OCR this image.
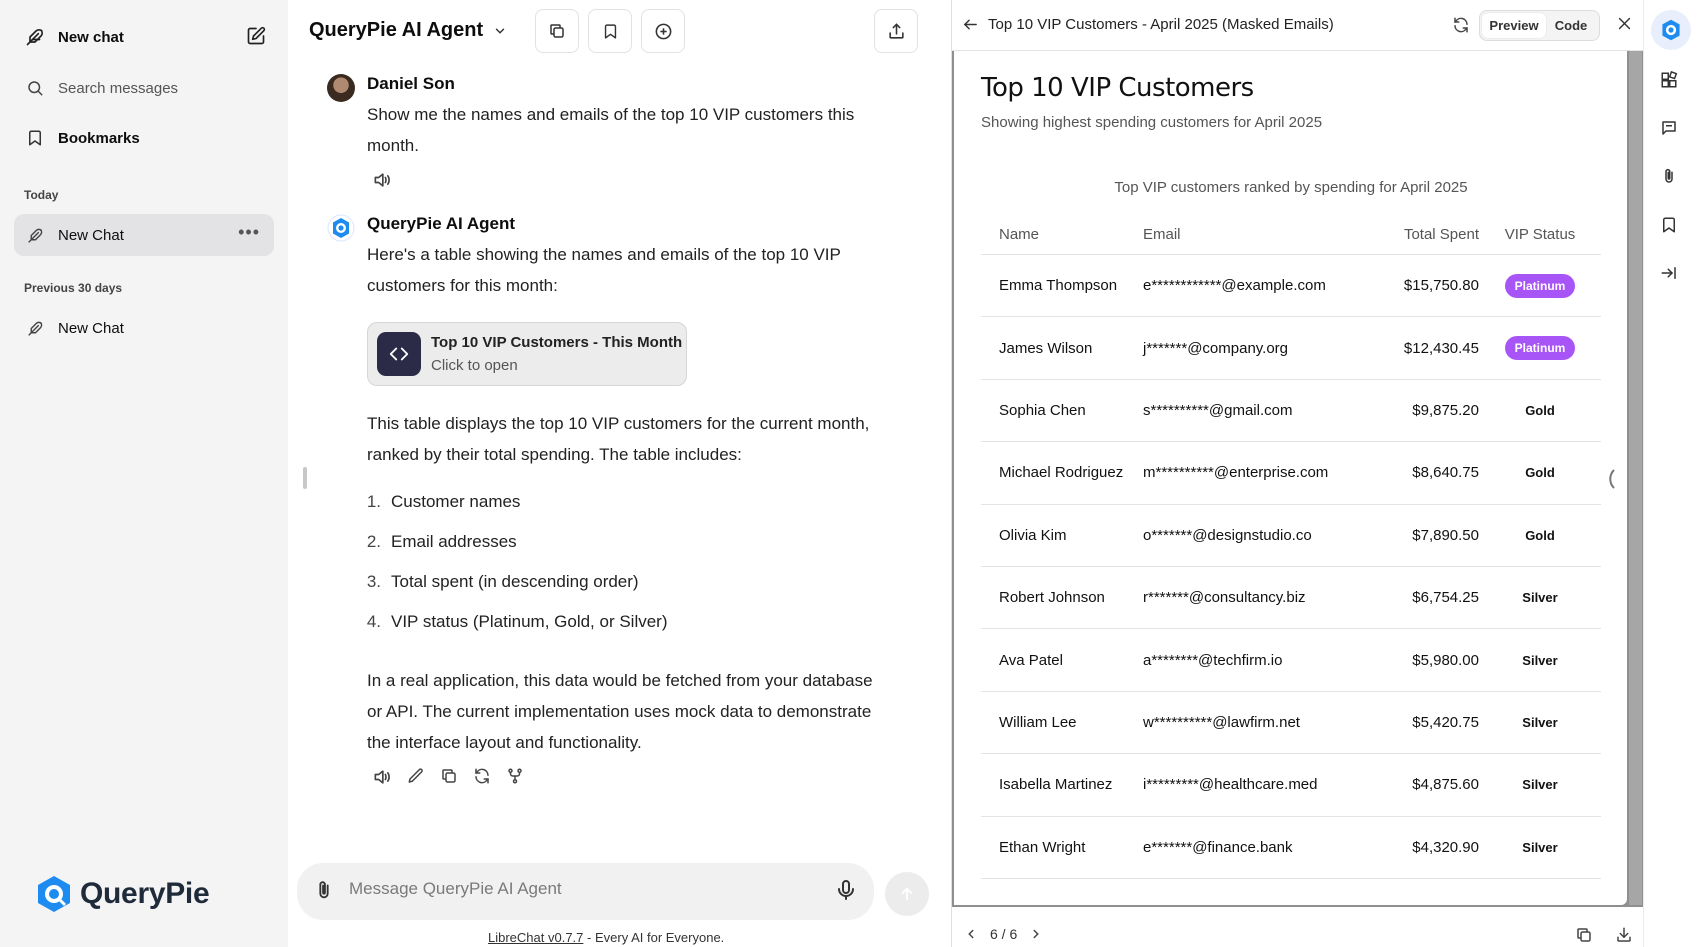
New chat
Search messages
Bookmarks
Today
New Chat	•••
Previous 30 days
New Chat
QueryPie
QueryPie AI Agent
Daniel Son
Show me the names and emails of the top 10 VIP customers this month.
QueryPie AI Agent
Here's a table showing the names and emails of the top 10 VIP customers for this month:
Top 10 VIP Customers - This Month
Click to open
This table displays the top 10 VIP customers for the current month, ranked by their total spending. The table includes:
1. Customer names
2. Email addresses
3. Total spent (in descending order)
4. VIP status (Platinum, Gold, or Silver)
In a real application, this data would be fetched from your database or API. The current implementation uses mock data to demonstrate the interface layout and functionality.
Message QueryPie AI Agent
LibreChat v0.7.7 - Every AI for Everyone.
Top 10 VIP Customers - April 2025 (Masked Emails)	Preview	Code
Top 10 VIP Customers
Showing highest spending customers for April 2025
Top VIP customers ranked by spending for April 2025
Name	Email	Total Spent	VIP Status
Emma Thompson	e************@example.com	$15,750.80	Platinum
James Wilson	j*******@company.org	$12,430.45	Platinum
Sophia Chen	s**********@gmail.com	$9,875.20	Gold
Michael Rodriguez	m**********@enterprise.com	$8,640.75	Gold
Olivia Kim	o*******@designstudio.co	$7,890.50	Gold
Robert Johnson	r*******@consultancy.biz	$6,754.25	Silver
Ava Patel	a********@techfirm.io	$5,980.00	Silver
William Lee	w**********@lawfirm.net	$5,420.75	Silver
Isabella Martinez	i*********@healthcare.med	$4,875.60	Silver
Ethan Wright	e*******@finance.bank	$4,320.90	Silver
6 / 6
